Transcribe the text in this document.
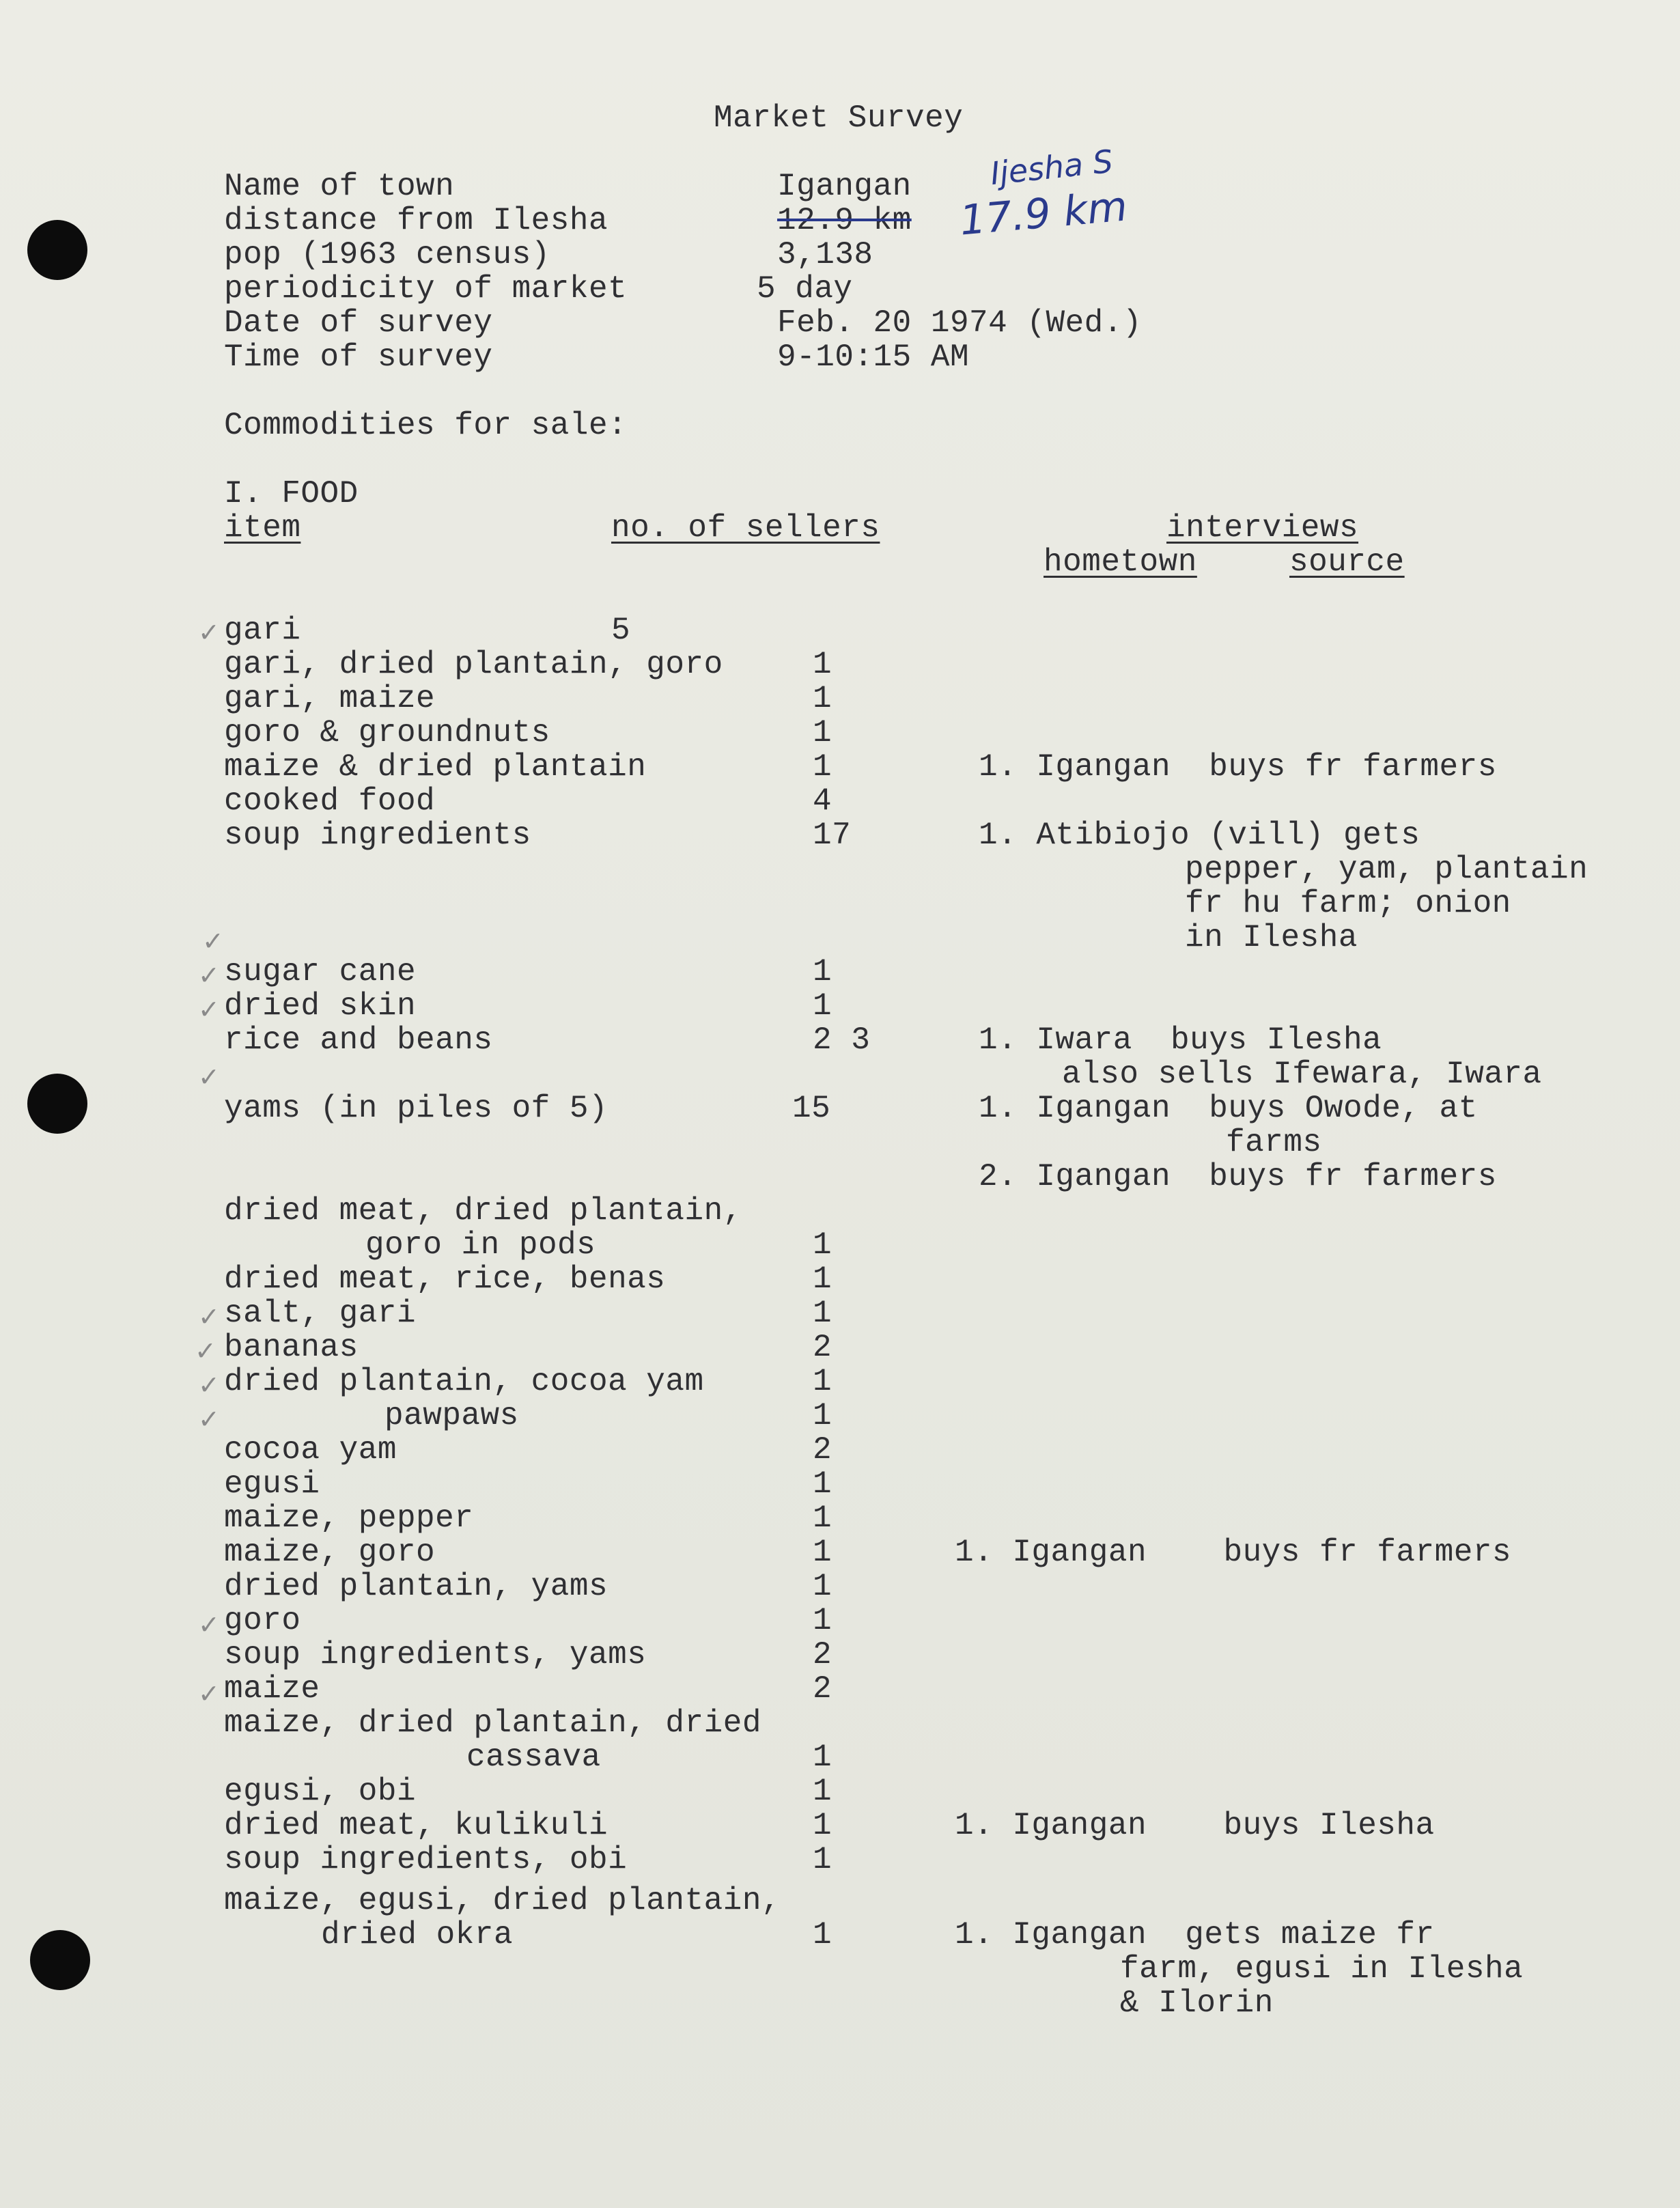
Market Survey
Name of town	Igangan
distance from Ilesha	12.9 km
pop (1963 census)	3,138
periodicity of market	5 day
Date of survey	Feb. 20 1974 (Wed.)
Time of survey	9-10:15 AM
Ijesha S
17.9 km
Commodities for sale:
I. FOOD
item	no. of sellers	interviews
hometown	source
✓
✓
✓
✓
✓
✓
✓
✓
✓
✓
✓
gari	5
gari, dried plantain, goro	1
gari, maize	1
goro & groundnuts	1
maize & dried plantain	1	1. Igangan  buys fr farmers
cooked food	4
soup ingredients	17	1. Atibiojo (vill) gets
pepper, yam, plantain
fr hu farm; onion
in Ilesha
sugar cane	1
dried skin	1
rice and beans	2 3	1. Iwara  buys Ilesha
also sells Ifewara, Iwara
yams (in piles of 5)	15	1. Igangan  buys Owode, at
farms
2. Igangan  buys fr farmers
dried meat, dried plantain,
goro in pods	1
dried meat, rice, benas	1
salt, gari	1
bananas	2
dried plantain, cocoa yam	1
pawpaws	1
cocoa yam	2
egusi	1
maize, pepper	1
maize, goro	1	1. Igangan    buys fr farmers
dried plantain, yams	1
goro	1
soup ingredients, yams	2
maize	2
maize, dried plantain, dried
cassava	1
egusi, obi	1
dried meat, kulikuli	1	1. Igangan    buys Ilesha
soup ingredients, obi	1
maize, egusi, dried plantain,
dried okra	1	1. Igangan  gets maize fr
farm, egusi in Ilesha
& Ilorin
